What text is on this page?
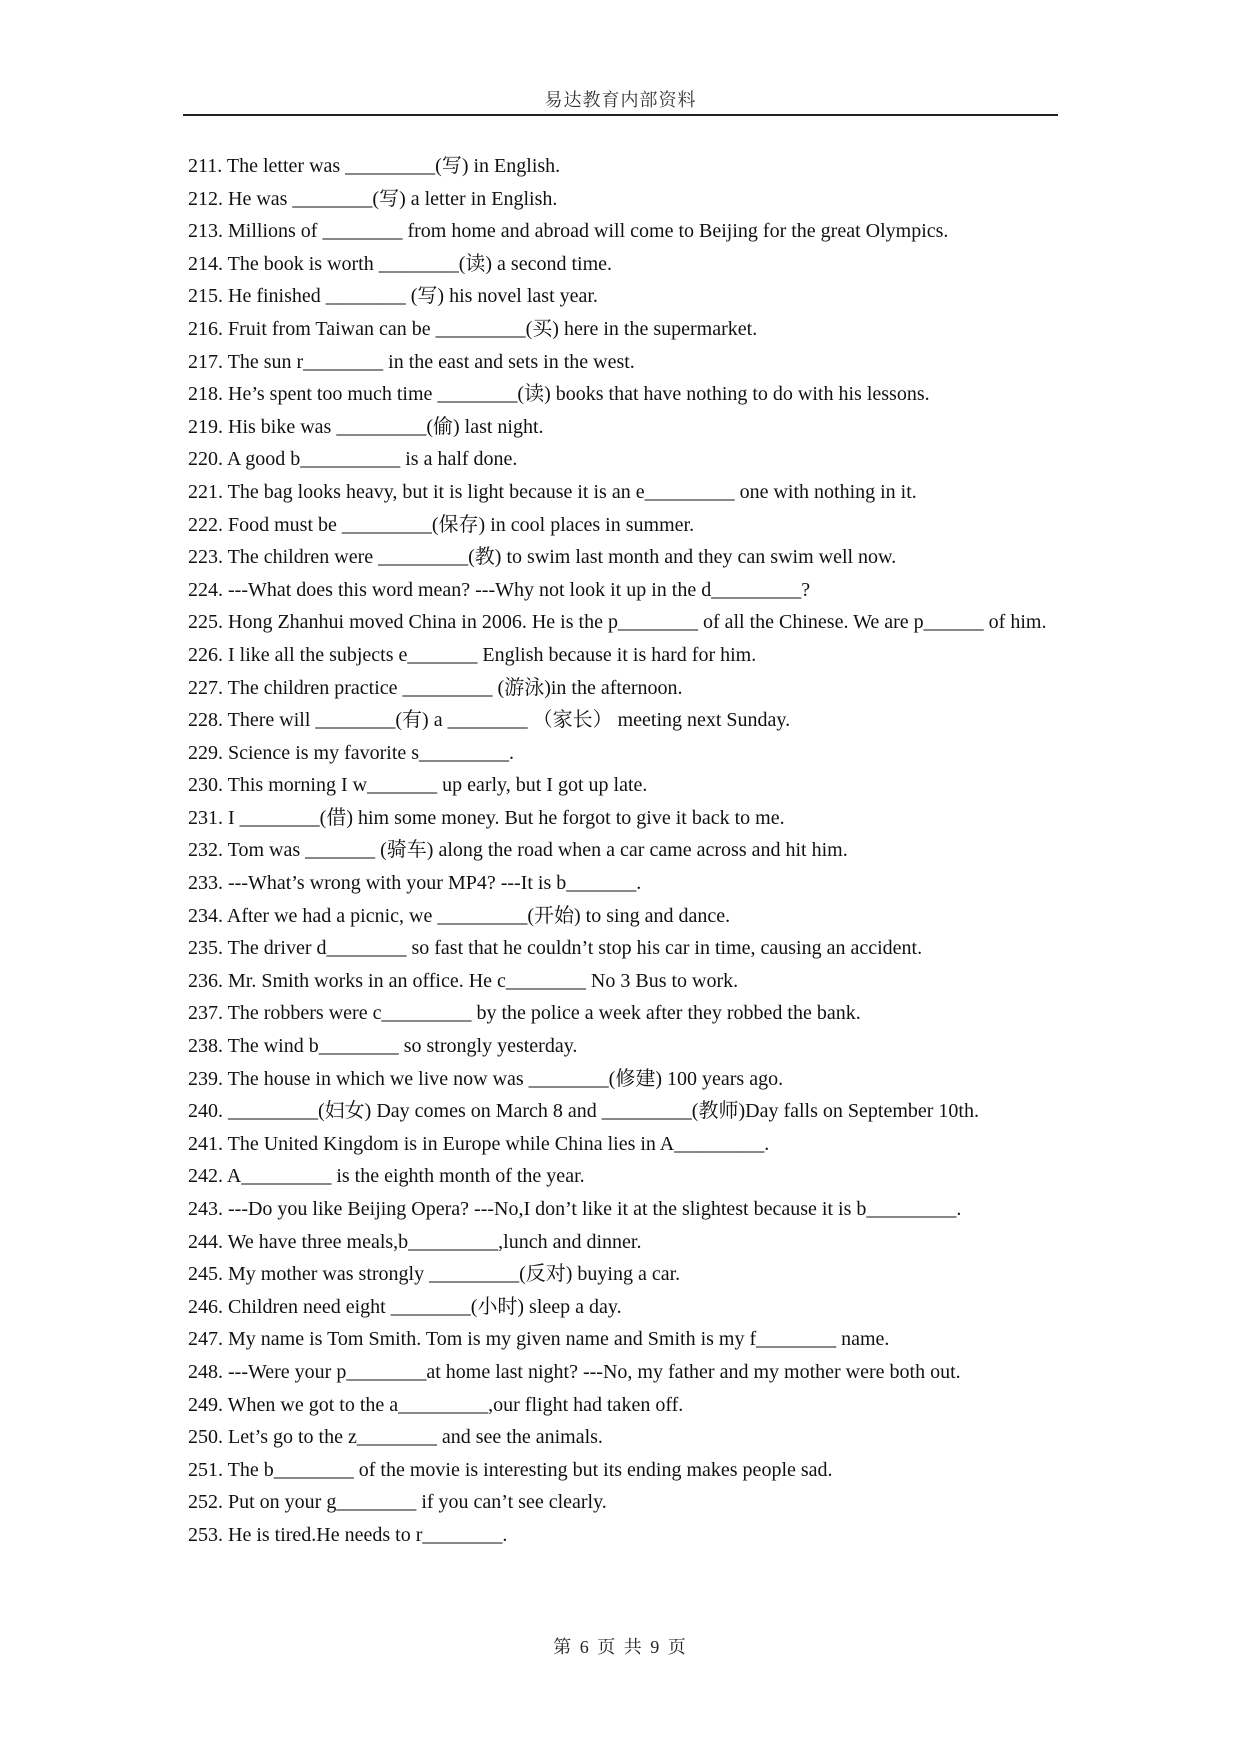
易达教育内部资料
211. The letter was _________(写) in English.
212. He was ________(写) a letter in English.
213. Millions of ________ from home and abroad will come to Beijing for the great Olympics.
214. The book is worth ________(读) a second time.
215. He finished ________ (写) his novel last year.
216. Fruit from Taiwan can be _________(买) here in the supermarket.
217. The sun r________ in the east and sets in the west.
218. He’s spent too much time ________(读) books that have nothing to do with his lessons.
219. His bike was _________(偷) last night.
220. A good b__________ is a half done.
221. The bag looks heavy, but it is light because it is an e_________ one with nothing in it.
222. Food must be _________(保存) in cool places in summer.
223. The children were _________(教) to swim last month and they can swim well now.
224. ---What does this word mean? ---Why not look it up in the d_________?
225. Hong Zhanhui moved China in 2006. He is the p________ of all the Chinese. We are p______ of him.
226. I like all the subjects e_______ English because it is hard for him.
227. The children practice _________ (游泳)in the afternoon.
228. There will ________(有) a ________ （家长） meeting next Sunday.
229. Science is my favorite s_________.
230. This morning I w_______ up early, but I got up late.
231. I ________(借) him some money. But he forgot to give it back to me.
232. Tom was _______ (骑车) along the road when a car came across and hit him.
233. ---What’s wrong with your MP4? ---It is b_______.
234. After we had a picnic, we _________(开始) to sing and dance.
235. The driver d________ so fast that he couldn’t stop his car in time, causing an accident.
236. Mr. Smith works in an office. He c________ No 3 Bus to work.
237. The robbers were c_________ by the police a week after they robbed the bank.
238. The wind b________ so strongly yesterday.
239. The house in which we live now was ________(修建) 100 years ago.
240. _________(妇女) Day comes on March 8 and _________(教师)Day falls on September 10th.
241. The United Kingdom is in Europe while China lies in A_________.
242. A_________ is the eighth month of the year.
243. ---Do you like Beijing Opera? ---No,I don’t like it at the slightest because it is b_________.
244. We have three meals,b_________,lunch and dinner.
245. My mother was strongly _________(反对) buying a car.
246. Children need eight ________(小时) sleep a day.
247. My name is Tom Smith. Tom is my given name and Smith is my f________ name.
248. ---Were your p________at home last night? ---No, my father and my mother were both out.
249. When we got to the a_________,our flight had taken off.
250. Let’s go to the z________ and see the animals.
251. The b________ of the movie is interesting but its ending makes people sad.
252. Put on your g________ if you can’t see clearly.
253. He is tired.He needs to r________.
第 6 页 共 9 页
